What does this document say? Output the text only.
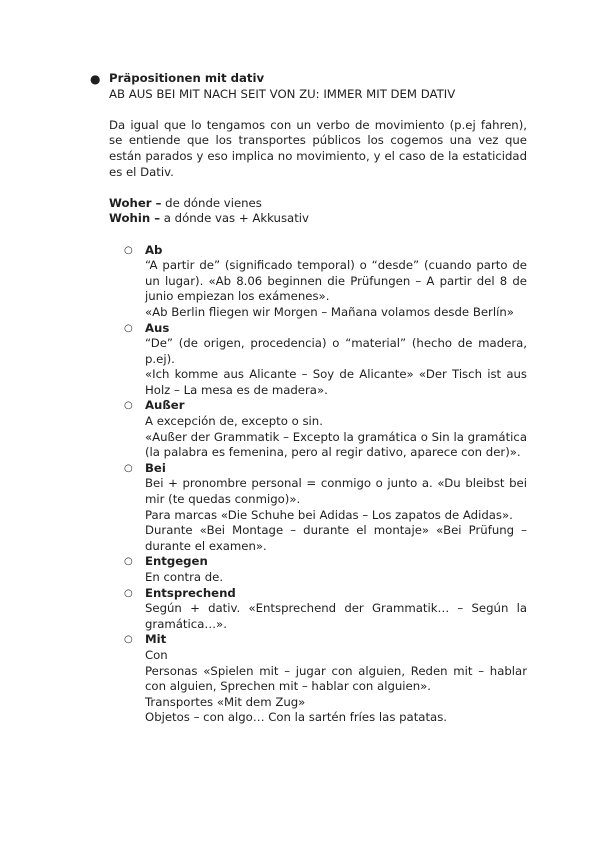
● Präpositionen mit dativ
AB AUS BEI MIT NACH SEIT VON ZU: IMMER MIT DEM DATIV
Da igual que lo tengamos con un verbo de movimiento (p.ej fahren), se entiende que los transportes públicos los cogemos una vez que están parados y eso implica no movimiento, y el caso de la estaticidad es el Dativ.
Woher – de dónde vienes
Wohin – a dónde vas + Akkusativ
○ Ab
“A partir de” (significado temporal) o “desde” (cuando parto de un lugar). «Ab 8.06 beginnen die Prüfungen – A partir del 8 de junio empiezan los exámenes».
«Ab Berlin fliegen wir Morgen – Mañana volamos desde Berlín»
○ Aus
“De” (de origen, procedencia) o “material” (hecho de madera, p.ej).
«Ich komme aus Alicante – Soy de Alicante» «Der Tisch ist aus Holz – La mesa es de madera».
○ Außer
A excepción de, excepto o sin.
«Außer der Grammatik – Excepto la gramática o Sin la gramática (la palabra es femenina, pero al regir dativo, aparece con der)».
○ Bei
Bei + pronombre personal = conmigo o junto a. «Du bleibst bei mir (te quedas conmigo)».
Para marcas «Die Schuhe bei Adidas – Los zapatos de Adidas».
Durante «Bei Montage – durante el montaje» «Bei Prüfung – durante el examen».
○ Entgegen
En contra de.
○ Entsprechend
Según + dativ. «Entsprechend der Grammatik… – Según la gramática…».
○ Mit
Con
Personas «Spielen mit – jugar con alguien, Reden mit – hablar con alguien, Sprechen mit – hablar con alguien».
Transportes «Mit dem Zug»
Objetos – con algo… Con la sartén fríes las patatas.
